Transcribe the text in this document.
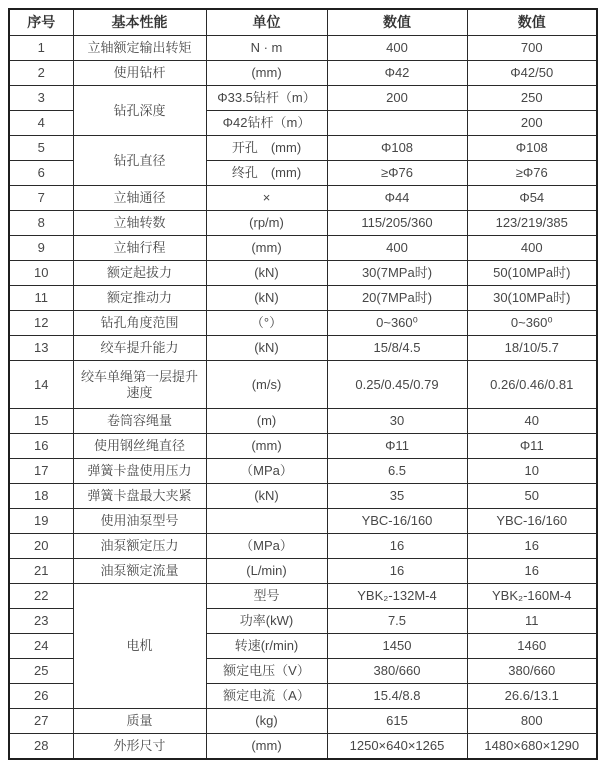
序号	基本性能	单位	数值	数值
1	立轴额定输出转矩	N · m	400	700
2	使用钻杆	(mm)	Φ42	Φ42/50
3	钻孔深度	Φ33.5钻杆（m）	200	250
4		Φ42钻杆（m）		200
5	钻孔直径	开孔　(mm)	Φ108	Φ108
6		终孔　(mm)	≥Φ76	≥Φ76
7	立轴通径	×	Φ44	Φ54
8	立轴转数	(rp/m)	115/205/360	123/219/385
9	立轴行程	(mm)	400	400
10	额定起拔力	(kN)	30(7MPa时)	50(10MPa时)
11	额定推动力	(kN)	20(7MPa时)	30(10MPa时)
12	钻孔角度范围	（°）	0~360⁰	0~360⁰
13	绞车提升能力	(kN)	15/8/4.5	18/10/5.7
14	绞车单绳第一层提升速度	(m/s)	0.25/0.45/0.79	0.26/0.46/0.81
15	卷筒容绳量	(m)	30	40
16	使用钢丝绳直径	(mm)	Φ11	Φ11
17	弹簧卡盘使用压力	（MPa）	6.5	10
18	弹簧卡盘最大夹紧	(kN)	35	50
19	使用油泵型号		YBC-16/160	YBC-16/160
20	油泵额定压力	（MPa）	16	16
21	油泵额定流量	(L/min)	16	16
22	电机	型号	YBK₂-132M-4	YBK₂-160M-4
23		功率(kW)	7.5	11
24		转速(r/min)	1450	1460
25		额定电压（V）	380/660	380/660
26		额定电流（A）	15.4/8.8	26.6/13.1
27	质量	(kg)	615	800
28	外形尺寸	(mm)	1250×640×1265	1480×680×1290
